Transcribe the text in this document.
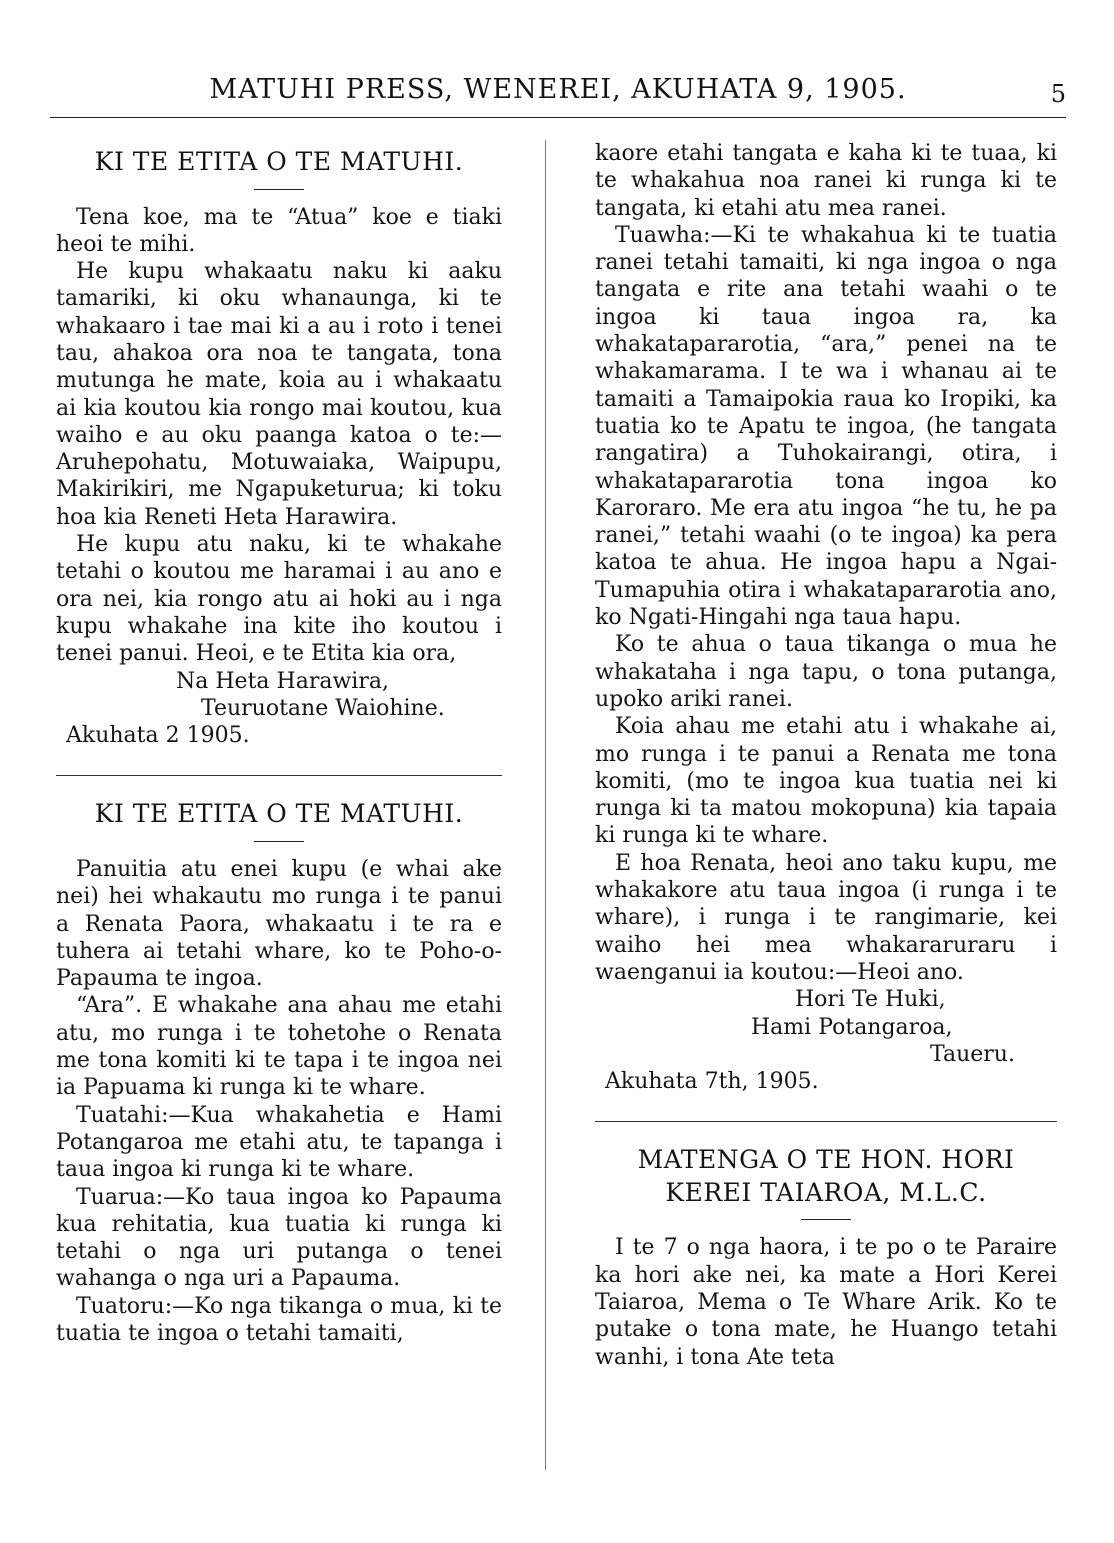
MATUHI PRESS, WENEREI, AKUHATA 9, 1905.	5
KI TE ETITA O TE MATUHI.

Tena koe, ma te “Atua” koe e tiaki heoi te mihi.

He kupu whakaatu naku ki aaku tamariki, ki oku whanaunga, ki te whakaaro i tae mai ki a au i roto i tenei tau, ahakoa ora noa te tangata, tona mutunga he mate, koia au i whakaatu ai kia koutou kia rongo mai koutou, kua waiho e au oku paanga katoa o te:—Aruhepohatu, Motuwaiaka, Waipupu, Makirikiri, me Ngapuketurua; ki toku hoa kia Reneti Heta Harawira.

He kupu atu naku, ki te whakahe tetahi o koutou me haramai i au ano e ora nei, kia rongo atu ai hoki au i nga kupu whakahe ina kite iho koutou i tenei panui. Heoi, e te Etita kia ora,

Na Heta Harawira,
Teuruotane Waiohine.
Akuhata 2 1905.
KI TE ETITA O TE MATUHI.

Panuitia atu enei kupu (e whai ake nei) hei whakautu mo runga i te panui a Renata Paora, whakaatu i te ra e tuhera ai tetahi whare, ko te Poho-o-Papauma te ingoa.

“Ara”. E whakahe ana ahau me etahi atu, mo runga i te tohetohe o Renata me tona komiti ki te tapa i te ingoa nei ia Papuama ki runga ki te whare.

Tuatahi:—Kua whakahetia e Hami Potangaroa me etahi atu, te tapanga i taua ingoa ki runga ki te whare.

Tuarua:—Ko taua ingoa ko Papauma kua rehitatia, kua tuatia ki runga ki tetahi o nga uri putanga o tenei wahanga o nga uri a Papauma.

Tuatoru:—Ko nga tikanga o mua, ki te tuatia te ingoa o tetahi tamaiti,

kaore etahi tangata e kaha ki te tuaa, ki te whakahua noa ranei ki runga ki te tangata, ki etahi atu mea ranei.

Tuawha:—Ki te whakahua ki te tuatia ranei tetahi tamaiti, ki nga ingoa o nga tangata e rite ana tetahi waahi o te ingoa ki taua ingoa ra, ka whakatapararotia, “ara,” penei na te whakamarama. I te wa i whanau ai te tamaiti a Tamaipokia raua ko Iropiki, ka tuatia ko te Apatu te ingoa, (he tangata rangatira) a Tuhokairangi, otira, i whakatapararotia tona ingoa ko Karoraro. Me era atu ingoa “he tu, he pa ranei,” tetahi waahi (o te ingoa) ka pera katoa te ahua. He ingoa hapu a Ngai-Tumapuhia otira i whakatapararotia ano, ko Ngati-Hingahi nga taua hapu.

Ko te ahua o taua tikanga o mua he whakataha i nga tapu, o tona putanga, upoko ariki ranei.

Koia ahau me etahi atu i whakahe ai, mo runga i te panui a Renata me tona komiti, (mo te ingoa kua tuatia nei ki runga ki ta matou mokopuna) kia tapaia ki runga ki te whare.

E hoa Renata, heoi ano taku kupu, me whakakore atu taua ingoa (i runga i te whare), i runga i te rangimarie, kei waiho hei mea whakararuraru i waenganui ia koutou:—Heoi ano.

Hori Te Huki,
Hami Potangaroa,
Taueru.
Akuhata 7th, 1905.
MATENGA O TE HON. HORI
KEREI TAIAROA, M.L.C.

I te 7 o nga haora, i te po o te Paraire ka hori ake nei, ka mate a Hori Kerei Taiaroa, Mema o Te Whare Arik. Ko te putake o tona mate, he Huango tetahi wanhi, i tona Ate teta
